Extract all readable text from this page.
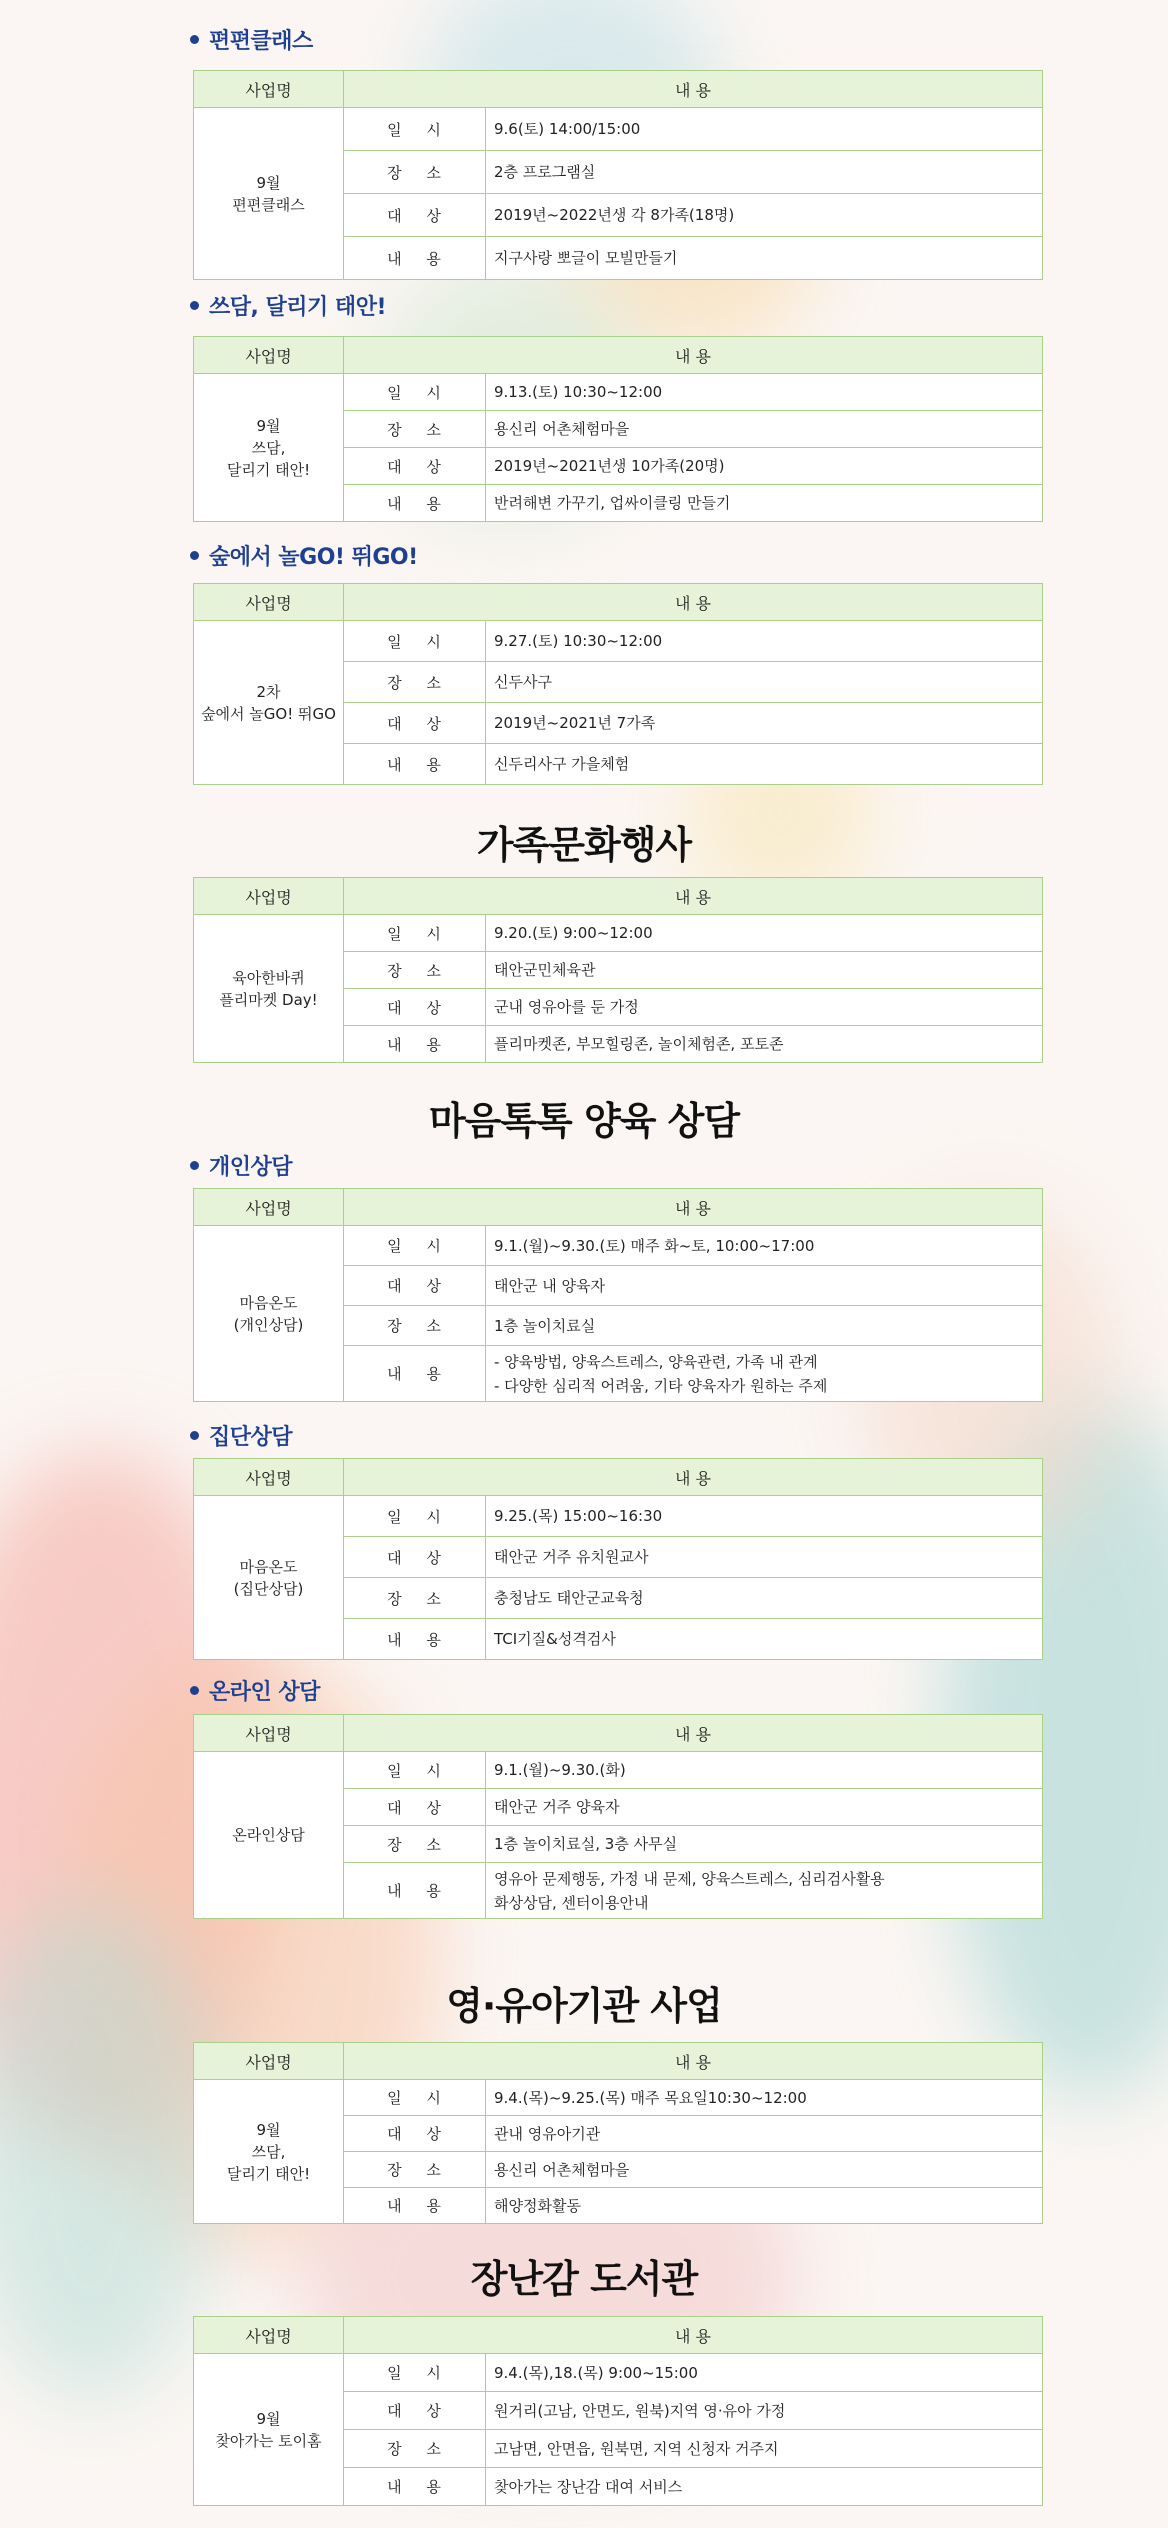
편편클래스
사업명	내 용	

9월
편편클래스	일 시	9.6(토) 14:00/15:00

	장 소	2층 프로그램실

	대 상	2019년~2022년생 각 8가족(18명)

	내 용	지구사랑 뽀글이 모빌만들기
쓰담, 달리기 태안!
사업명	내 용	

9월
쓰담,
달리기 태안!	일 시	9.13.(토) 10:30~12:00

	장 소	용신리 어촌체험마을

	대 상	2019년~2021년생 10가족(20명)

	내 용	반려해변 가꾸기, 업싸이클링 만들기
숲에서 놀GO! 뛰GO!
사업명	내 용	

2차
숲에서 놀GO! 뛰GO	일 시	9.27.(토) 10:30~12:00

	장 소	신두사구

	대 상	2019년~2021년 7가족

	내 용	신두리사구 가을체험
가족문화행사
사업명	내 용	

육아한바퀴
플리마켓 Day!	일 시	9.20.(토) 9:00~12:00

	장 소	태안군민체육관

	대 상	군내 영유아를 둔 가정

	내 용	플리마켓존, 부모힐링존, 놀이체험존, 포토존
마음톡톡 양육 상담
개인상담
사업명	내 용	

마음온도
(개인상담)	일 시	9.1.(월)~9.30.(토) 매주 화~토, 10:00~17:00

	대 상	태안군 내 양육자

	장 소	1층 놀이치료실

	내 용	- 양육방법, 양육스트레스, 양육관련, 가족 내 관계
- 다양한 심리적 어려움, 기타 양육자가 원하는 주제
집단상담
사업명	내 용	

마음온도
(집단상담)	일 시	9.25.(목) 15:00~16:30

	대 상	태안군 거주 유치원교사

	장 소	충청남도 태안군교육청

	내 용	TCI기질&성격검사
온라인 상담
사업명	내 용	

온라인상담	일 시	9.1.(월)~9.30.(화)

	대 상	태안군 거주 양육자

	장 소	1층 놀이치료실, 3층 사무실

	내 용	영유아 문제행동, 가정 내 문제, 양육스트레스, 심리검사활용
화상상담, 센터이용안내
영·유아기관 사업
사업명	내 용	

9월
쓰담,
달리기 태안!	일 시	9.4.(목)~9.25.(목) 매주 목요일10:30~12:00

	대 상	관내 영유아기관

	장 소	용신리 어촌체험마을

	내 용	해양정화활동
장난감 도서관
사업명	내 용	

9월
찾아가는 토이홈	일 시	9.4.(목),18.(목) 9:00~15:00

	대 상	원거리(고남, 안면도, 원북)지역 영·유아 가정

	장 소	고남면, 안면읍, 원북면, 지역 신청자 거주지

	내 용	찾아가는 장난감 대여 서비스
